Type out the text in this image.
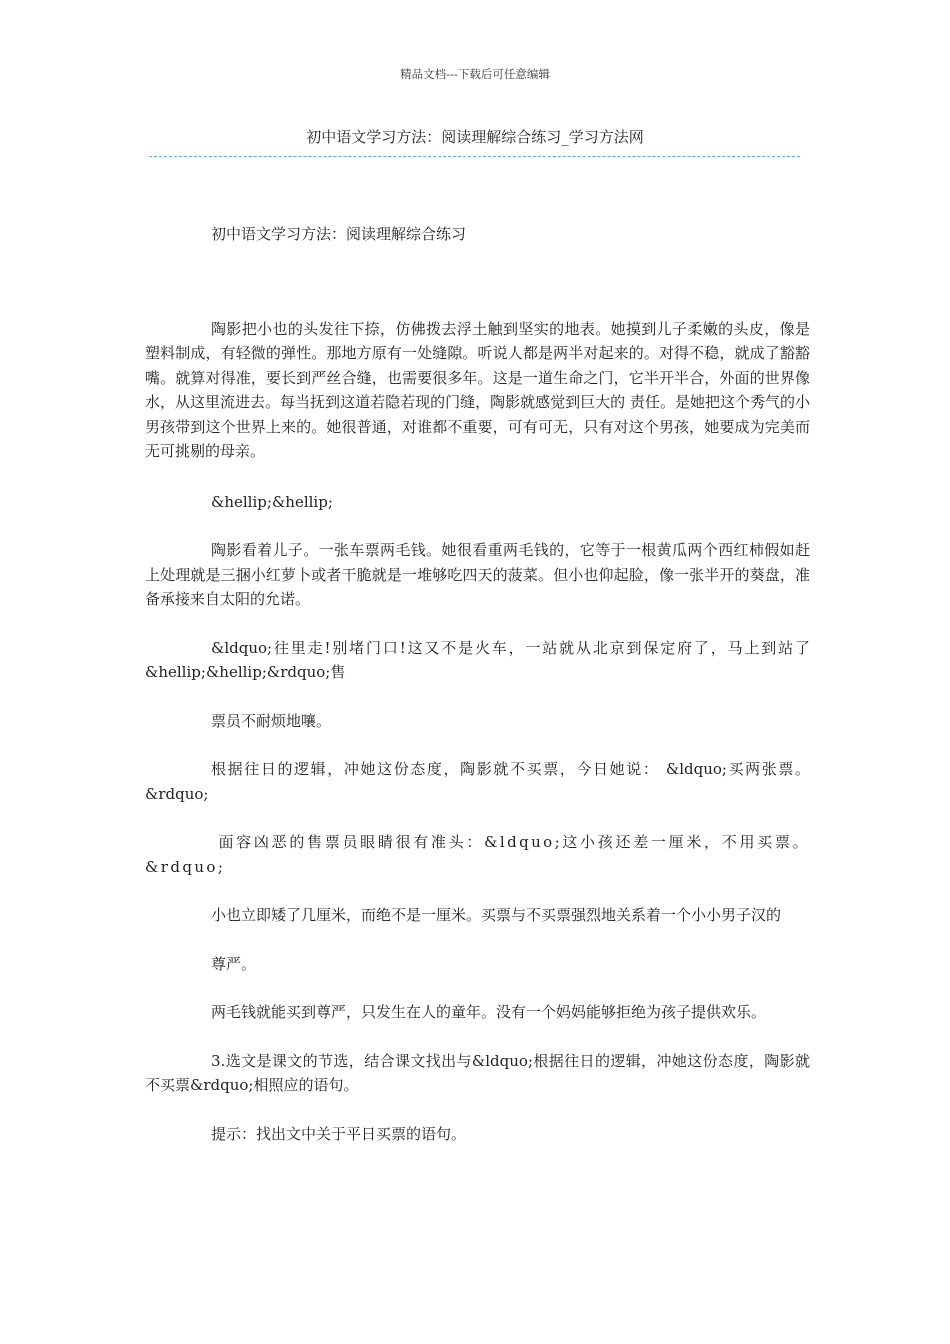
精品文档---下载后可任意编辑
初中语文学习方法：阅读理解综合练习_学习方法网

初中语文学习方法：阅读理解综合练习

陶影把小也的头发往下捺，仿佛拨去浮土触到坚实的地表。她摸到儿子柔嫩的头皮，像是塑料制成，有轻微的弹性。那地方原有一处缝隙。听说人都是两半对起来的。对得不稳，就成了豁豁嘴。就算对得准，要长到严丝合缝，也需要很多年。这是一道生命之门，它半开半合，外面的世界像水，从这里流进去。每当抚到这道若隐若现的门缝，陶影就感觉到巨大的 责任。是她把这个秀气的小男孩带到这个世界上来的。她很普通，对谁都不重要，可有可无，只有对这个男孩，她要成为完美而无可挑剔的母亲。

&hellip;&hellip;

陶影看着儿子。一张车票两毛钱。她很看重两毛钱的，它等于一根黄瓜两个西红柿假如赶上处理就是三捆小红萝卜或者干脆就是一堆够吃四天的菠菜。但小也仰起脸，像一张半开的葵盘，准备承接来自太阳的允诺。

&ldquo;往里走!别堵门口!这又不是火车，一站就从北京到保定府了，马上到站了&hellip;&hellip;&rdquo;售

票员不耐烦地嚷。

根据往日的逻辑，冲她这份态度，陶影就不买票，今日她说： &ldquo;买两张票。&rdquo;

面容凶恶的售票员眼睛很有准头：&ldquo;这小孩还差一厘米，不用买票。&rdquo;

小也立即矮了几厘米，而绝不是一厘米。买票与不买票强烈地关系着一个小小男子汉的

尊严。

两毛钱就能买到尊严，只发生在人的童年。没有一个妈妈能够拒绝为孩子提供欢乐。

3.选文是课文的节选，结合课文找出与&ldquo;根据往日的逻辑，冲她这份态度，陶影就不买票&rdquo;相照应的语句。

提示：找出文中关于平日买票的语句。
